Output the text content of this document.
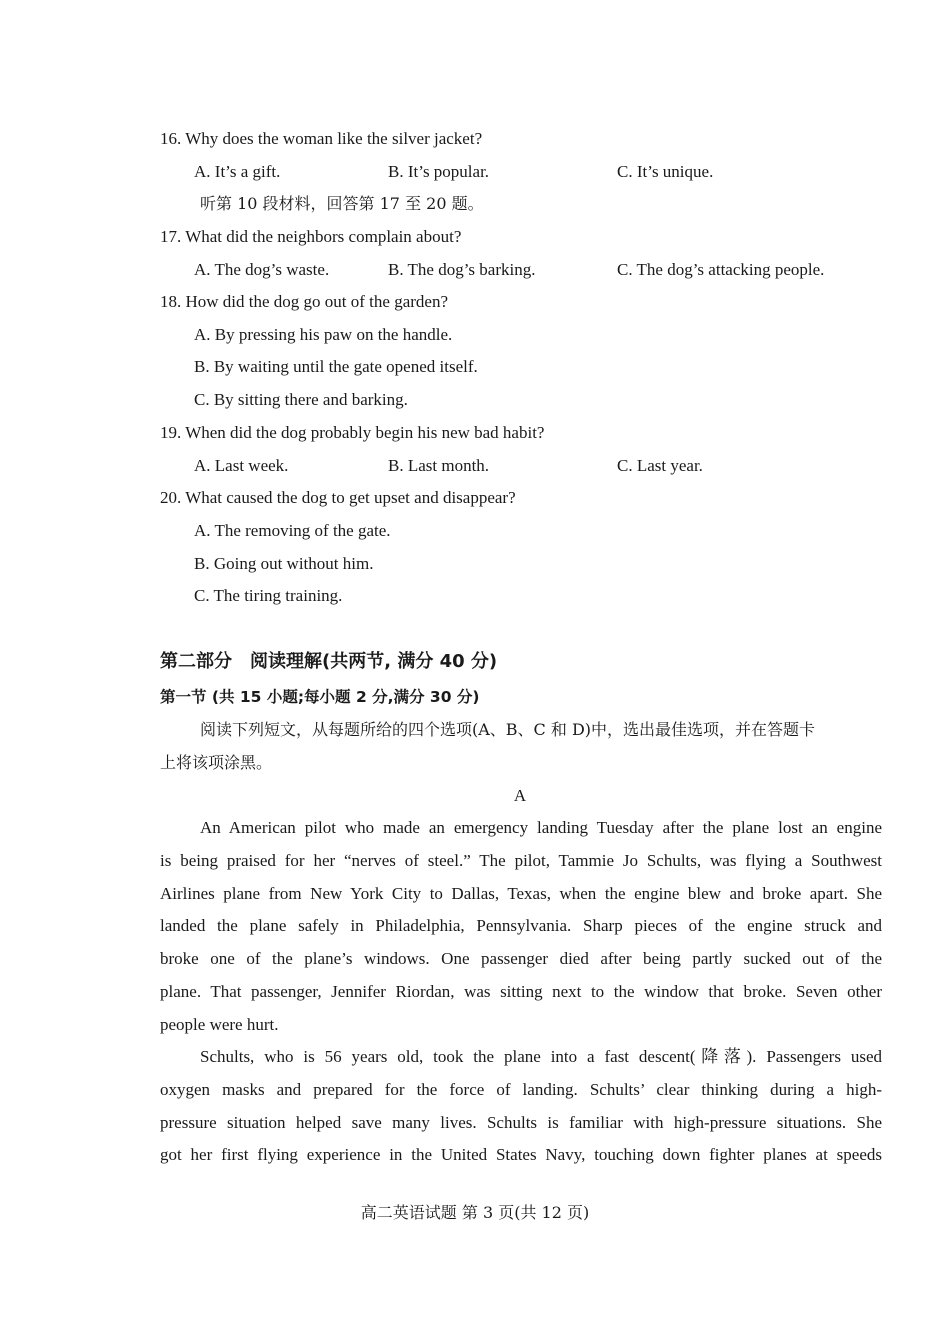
16. Why does the woman like the silver jacket?
A. It’s a gift.	B. It’s popular.	C. It’s unique.
听第 10 段材料，回答第 17 至 20 题。
17. What did the neighbors complain about?
A. The dog’s waste.	B. The dog’s barking.	C. The dog’s attacking people.
18. How did the dog go out of the garden?
A. By pressing his paw on the handle.
B. By waiting until the gate opened itself.
C. By sitting there and barking.
19. When did the dog probably begin his new bad habit?
A. Last week.	B. Last month.	C. Last year.
20. What caused the dog to get upset and disappear?
A. The removing of the gate.
B. Going out without him.
C. The tiring training.
第二部分　阅读理解(共两节, 满分 40 分)
第一节 (共 15 小题;每小题 2 分,满分 30 分)
阅读下列短文，从每题所给的四个选项(A、B、C 和 D)中，选出最佳选项，并在答题卡
上将该项涂黑。
A
An American pilot who made an emergency landing Tuesday after the plane lost an engine
is being praised for her “nerves of steel.” The pilot, Tammie Jo Schults, was flying a Southwest
Airlines plane from New York City to Dallas, Texas, when the engine blew and broke apart. She
landed the plane safely in Philadelphia, Pennsylvania. Sharp pieces of the engine struck and
broke one of the plane’s windows. One passenger died after being partly sucked out of the
plane. That passenger, Jennifer Riordan, was sitting next to the window that broke. Seven other
people were hurt.
Schults, who is 56 years old, took the plane into a fast descent(降落). Passengers used
oxygen masks and prepared for the force of landing. Schults’ clear thinking during a high-
pressure situation helped save many lives. Schults is familiar with high-pressure situations. She
got her first flying experience in the United States Navy, touching down fighter planes at speeds
高二英语试题 第 3 页(共 12 页)
